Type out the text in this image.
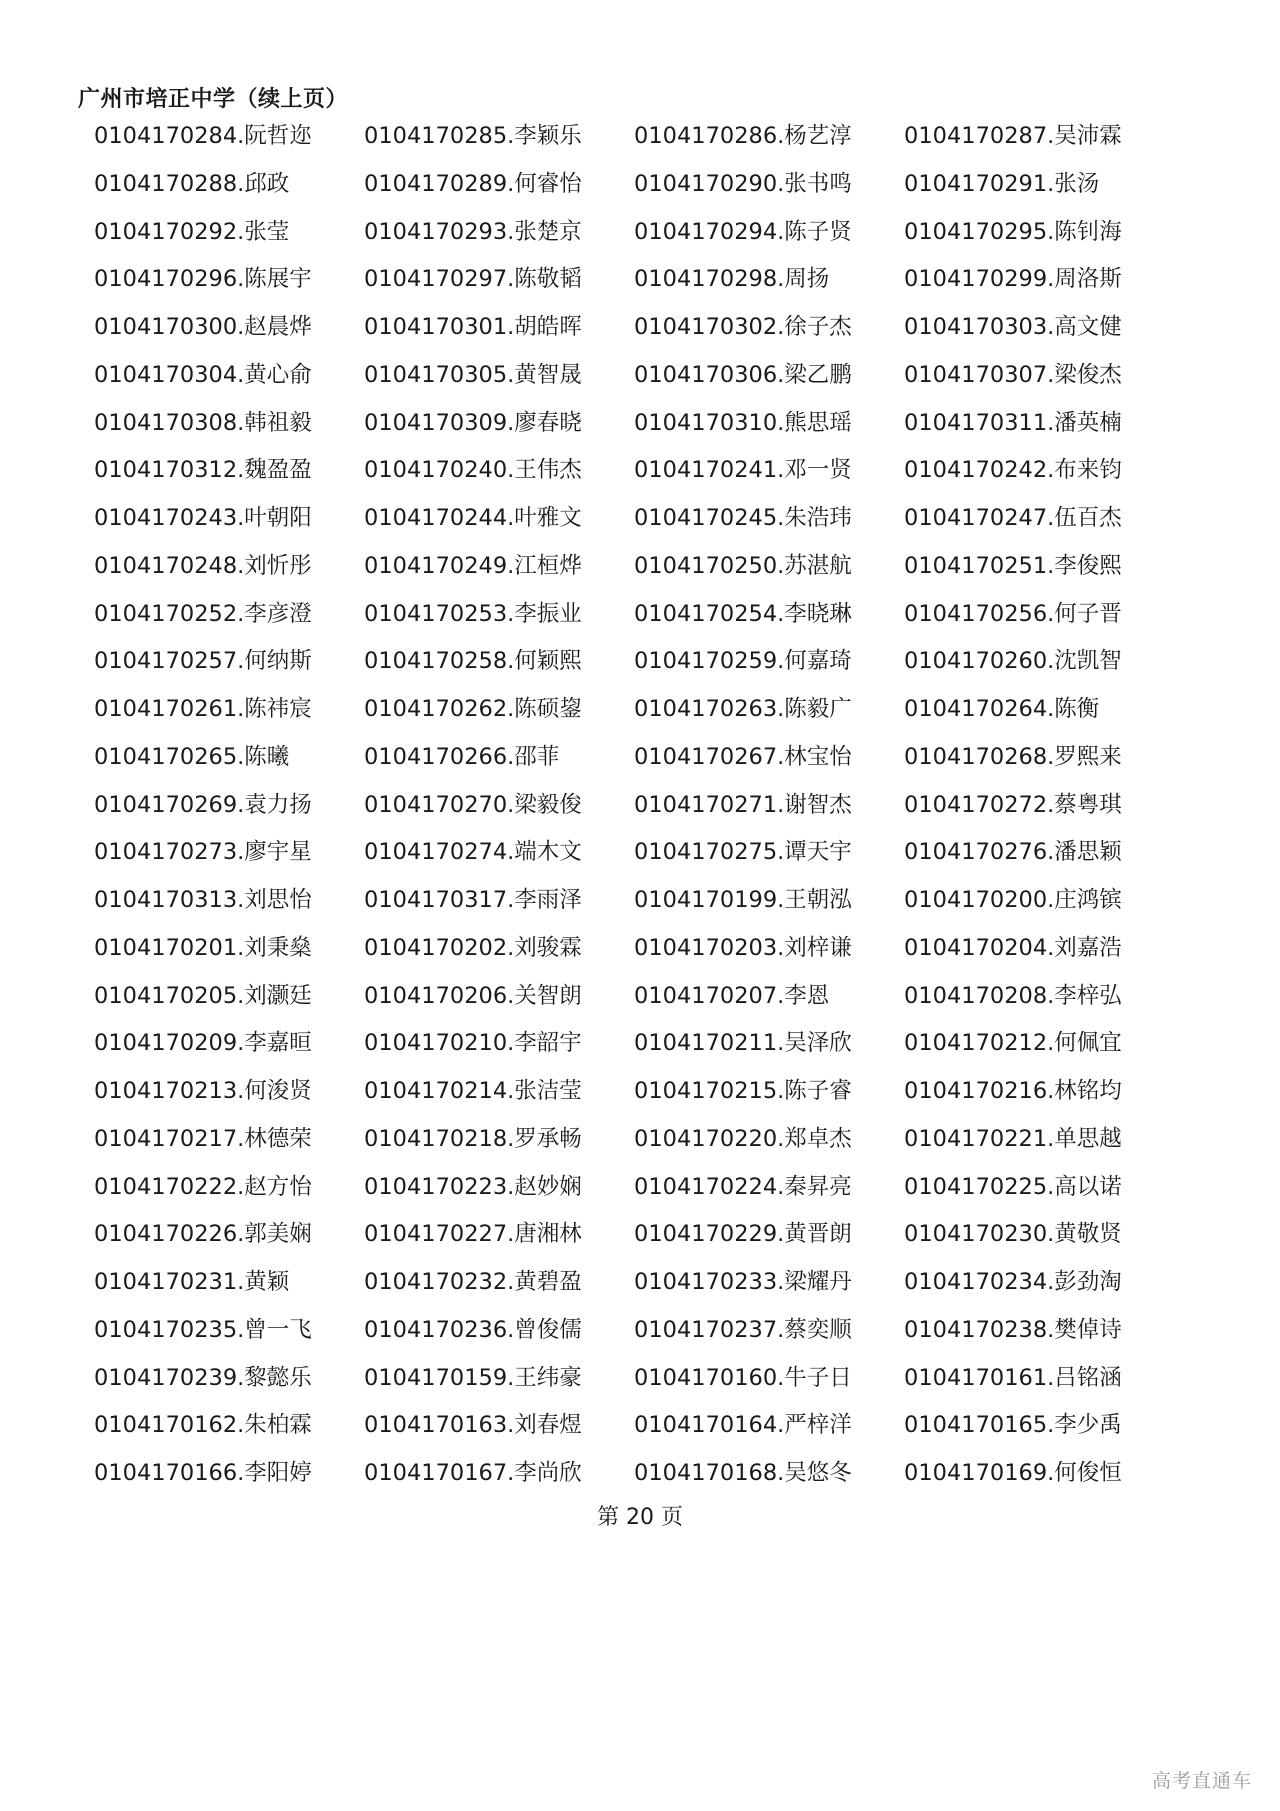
广州市培正中学（续上页）
0104170284.阮哲迩	0104170285.李颖乐	0104170286.杨艺淳	0104170287.吴沛霖
0104170288.邱政	0104170289.何睿怡	0104170290.张书鸣	0104170291.张汤
0104170292.张莹	0104170293.张楚京	0104170294.陈子贤	0104170295.陈钊海
0104170296.陈展宇	0104170297.陈敬韬	0104170298.周扬	0104170299.周洛斯
0104170300.赵晨烨	0104170301.胡皓晖	0104170302.徐子杰	0104170303.高文健
0104170304.黄心俞	0104170305.黄智晟	0104170306.梁乙鹏	0104170307.梁俊杰
0104170308.韩祖毅	0104170309.廖春晓	0104170310.熊思瑶	0104170311.潘英楠
0104170312.魏盈盈	0104170240.王伟杰	0104170241.邓一贤	0104170242.布来钧
0104170243.叶朝阳	0104170244.叶雅文	0104170245.朱浩玮	0104170247.伍百杰
0104170248.刘忻彤	0104170249.江桓烨	0104170250.苏湛航	0104170251.李俊熙
0104170252.李彦澄	0104170253.李振业	0104170254.李晓琳	0104170256.何子晋
0104170257.何纳斯	0104170258.何颖熙	0104170259.何嘉琦	0104170260.沈凯智
0104170261.陈祎宸	0104170262.陈硕鋆	0104170263.陈毅广	0104170264.陈衡
0104170265.陈曦	0104170266.邵菲	0104170267.林宝怡	0104170268.罗熙来
0104170269.袁力扬	0104170270.梁毅俊	0104170271.谢智杰	0104170272.蔡粤琪
0104170273.廖宇星	0104170274.端木文	0104170275.谭天宇	0104170276.潘思颖
0104170313.刘思怡	0104170317.李雨泽	0104170199.王朝泓	0104170200.庄鸿镔
0104170201.刘秉燊	0104170202.刘骏霖	0104170203.刘梓谦	0104170204.刘嘉浩
0104170205.刘灏廷	0104170206.关智朗	0104170207.李恩	0104170208.李梓弘
0104170209.李嘉晅	0104170210.李韶宇	0104170211.吴泽欣	0104170212.何佩宜
0104170213.何浚贤	0104170214.张洁莹	0104170215.陈子睿	0104170216.林铭均
0104170217.林德荣	0104170218.罗承畅	0104170220.郑卓杰	0104170221.单思越
0104170222.赵方怡	0104170223.赵妙娴	0104170224.秦昇亮	0104170225.高以诺
0104170226.郭美娴	0104170227.唐湘林	0104170229.黄晋朗	0104170230.黄敬贤
0104170231.黄颖	0104170232.黄碧盈	0104170233.梁耀丹	0104170234.彭劲淘
0104170235.曾一飞	0104170236.曾俊儒	0104170237.蔡奕顺	0104170238.樊倬诗
0104170239.黎懿乐	0104170159.王纬豪	0104170160.牛子日	0104170161.吕铭涵
0104170162.朱柏霖	0104170163.刘春煜	0104170164.严梓洋	0104170165.李少禹
0104170166.李阳婷	0104170167.李尚欣	0104170168.吴悠冬	0104170169.何俊恒
第 20 页
高考直通车
